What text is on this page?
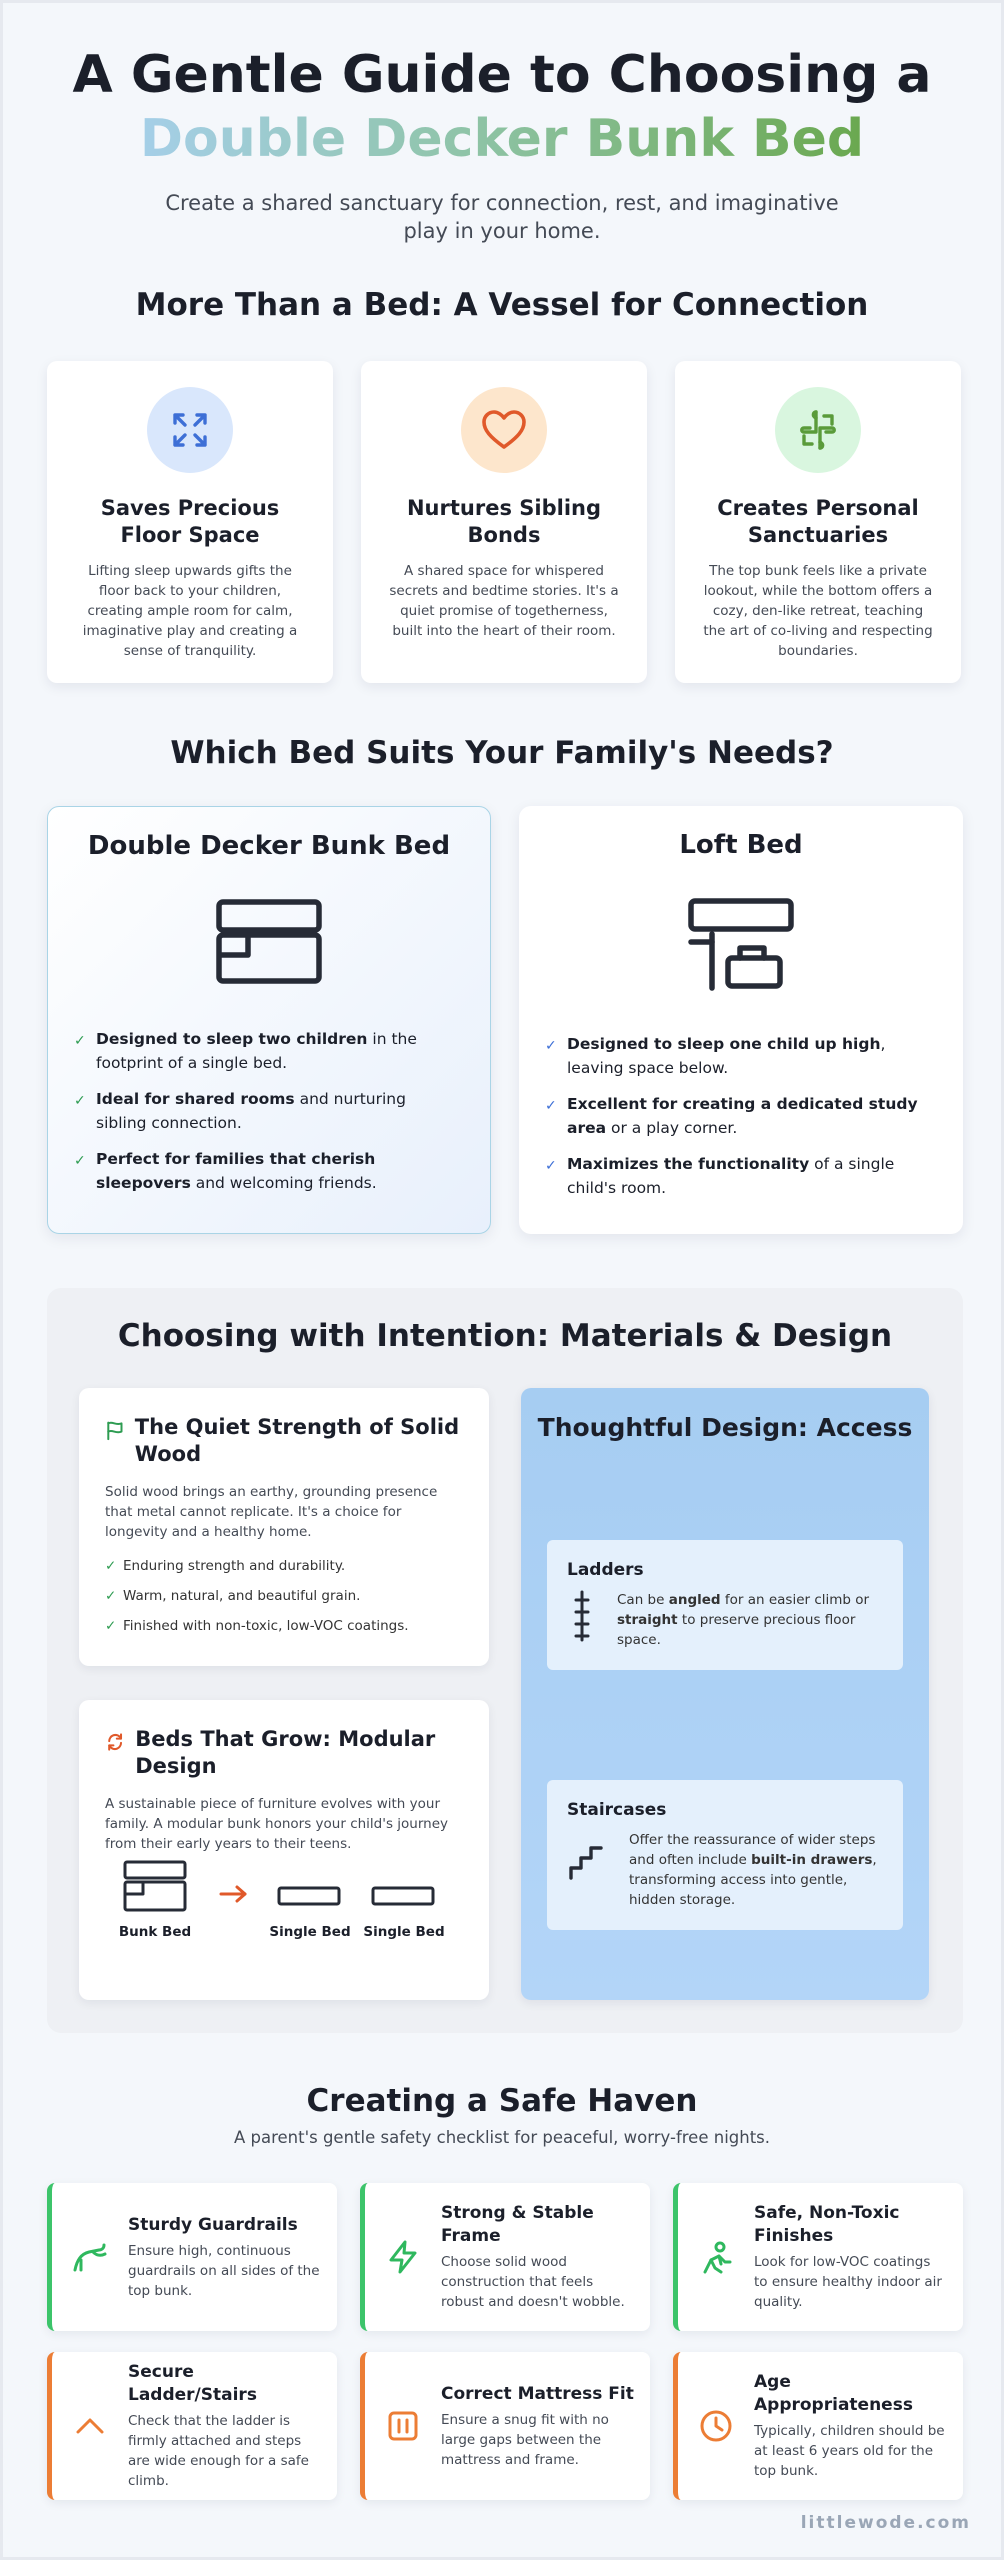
A Gentle Guide to Choosing a
Double Decker Bunk Bed

Create a shared sanctuary for connection, rest, and imaginative play in your home.

More Than a Bed: A Vessel for Connection
Saves Precious Floor Space

Lifting sleep upwards gifts the floor back to your children, creating ample room for calm, imaginative play and creating a sense of tranquility.

Nurtures Sibling Bonds

A shared space for whispered secrets and bedtime stories. It's a quiet promise of togetherness, built into the heart of their room.

Creates Personal Sanctuaries

The top bunk feels like a private lookout, while the bottom offers a cozy, den-like retreat, teaching the art of co-living and respecting boundaries.

Which Bed Suits Your Family's Needs?
Double Decker Bunk Bed
✓ Designed to sleep two children in the footprint of a single bed.
✓ Ideal for shared rooms and nurturing sibling connection.
✓ Perfect for families that cherish sleepovers and welcoming friends.
Loft Bed
✓ Designed to sleep one child up high, leaving space below.
✓ Excellent for creating a dedicated study area or a play corner.
✓ Maximizes the functionality of a single child's room.
Choosing with Intention: Materials & Design
The Quiet Strength of Solid Wood

Solid wood brings an earthy, grounding presence that metal cannot replicate. It's a choice for longevity and a healthy home.

✓ Enduring strength and durability.
✓ Warm, natural, and beautiful grain.
✓ Finished with non-toxic, low-VOC coatings.
Beds That Grow: Modular Design

A sustainable piece of furniture evolves with your family. A modular bunk honors your child's journey from their early years to their teens.

Bunk Bed	Single Bed Single Bed
Thoughtful Design: Access
Ladders

Can be angled for an easier climb or straight to preserve precious floor space.

Staircases

Offer the reassurance of wider steps and often include built-in drawers, transforming access into gentle, hidden storage.

Creating a Safe Haven
A parent's gentle safety checklist for peaceful, worry-free nights.
Sturdy Guardrails

Ensure high, continuous guardrails on all sides of the top bunk.

Strong & Stable Frame

Choose solid wood construction that feels robust and doesn't wobble.

Safe, Non-Toxic Finishes

Look for low-VOC coatings to ensure healthy indoor air quality.

Secure Ladder/Stairs

Check that the ladder is firmly attached and steps are wide enough for a safe climb.

Correct Mattress Fit

Ensure a snug fit with no large gaps between the mattress and frame.

Age Appropriateness

Typically, children should be at least 6 years old for the top bunk.

littlewode.com
